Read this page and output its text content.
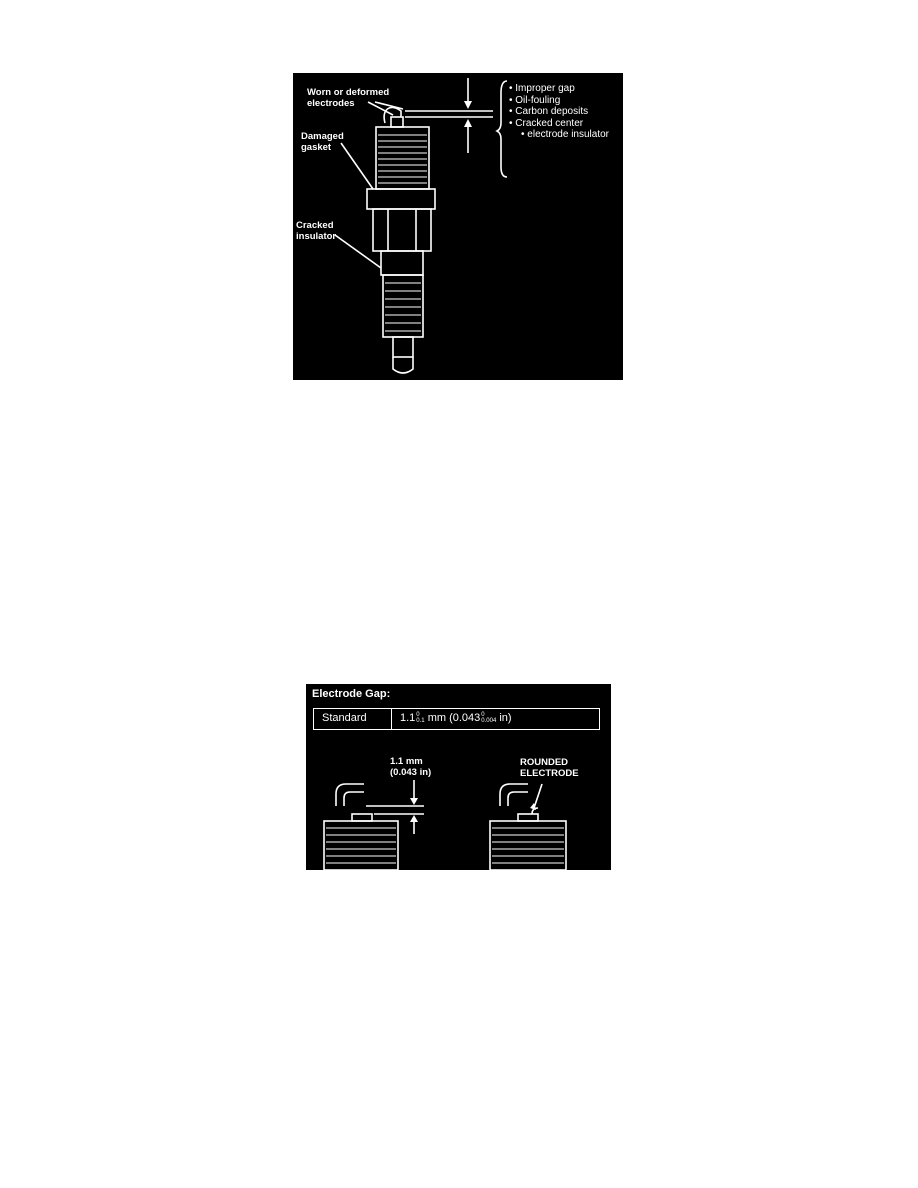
Worn or deformed
electrodes
Damaged
gasket
Cracked
insulator
• Improper gap
• Oil-fouling
• Carbon deposits
• Cracked center
• electrode insulator
Electrode Gap:
Standard	1.1 0
0.1 mm (0.043 0
0.004 in)
1.1 mm
(0.043 in)
ROUNDED
ELECTRODE
